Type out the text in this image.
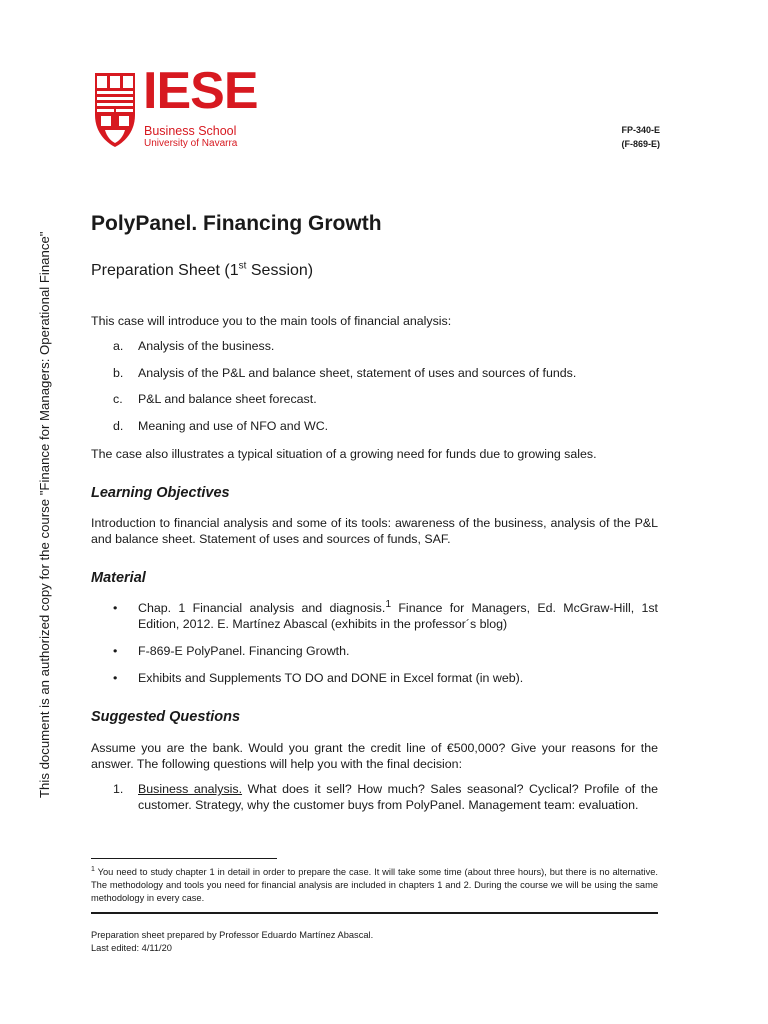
IESE
Business School
University of Navarra
FP-340-E
(F-869-E)
This document is an authorized copy for the course "Finance for Managers: Operational Finance"
PolyPanel. Financing Growth
Preparation Sheet (1st Session)
This case will introduce you to the main tools of financial analysis:
a. Analysis of the business.
b. Analysis of the P&L and balance sheet, statement of uses and sources of funds.
c. P&L and balance sheet forecast.
d. Meaning and use of NFO and WC.
The case also illustrates a typical situation of a growing need for funds due to growing sales.
Learning Objectives
Introduction to financial analysis and some of its tools: awareness of the business, analysis of the P&L and balance sheet. Statement of uses and sources of funds, SAF.
Material
• Chap. 1 Financial analysis and diagnosis.$^1$ Finance for Managers, Ed. McGraw-Hill, 1st Edition, 2012. E. Martínez Abascal (exhibits in the professor´s blog)
• F-869-E PolyPanel. Financing Growth.
• Exhibits and Supplements TO DO and DONE in Excel format (in web).
Suggested Questions
Assume you are the bank. Would you grant the credit line of €500,000? Give your reasons for the answer. The following questions will help you with the final decision:
1. Business analysis. What does it sell? How much? Sales seasonal? Cyclical? Profile of the customer. Strategy, why the customer buys from PolyPanel. Management team: evaluation.
$^1$ You need to study chapter 1 in detail in order to prepare the case. It will take some time (about three hours), but there is no alternative. The methodology and tools you need for financial analysis are included in chapters 1 and 2. During the course we will be using the same methodology in every case.
Preparation sheet prepared by Professor Eduardo Martínez Abascal.
Last edited: 4/11/20
